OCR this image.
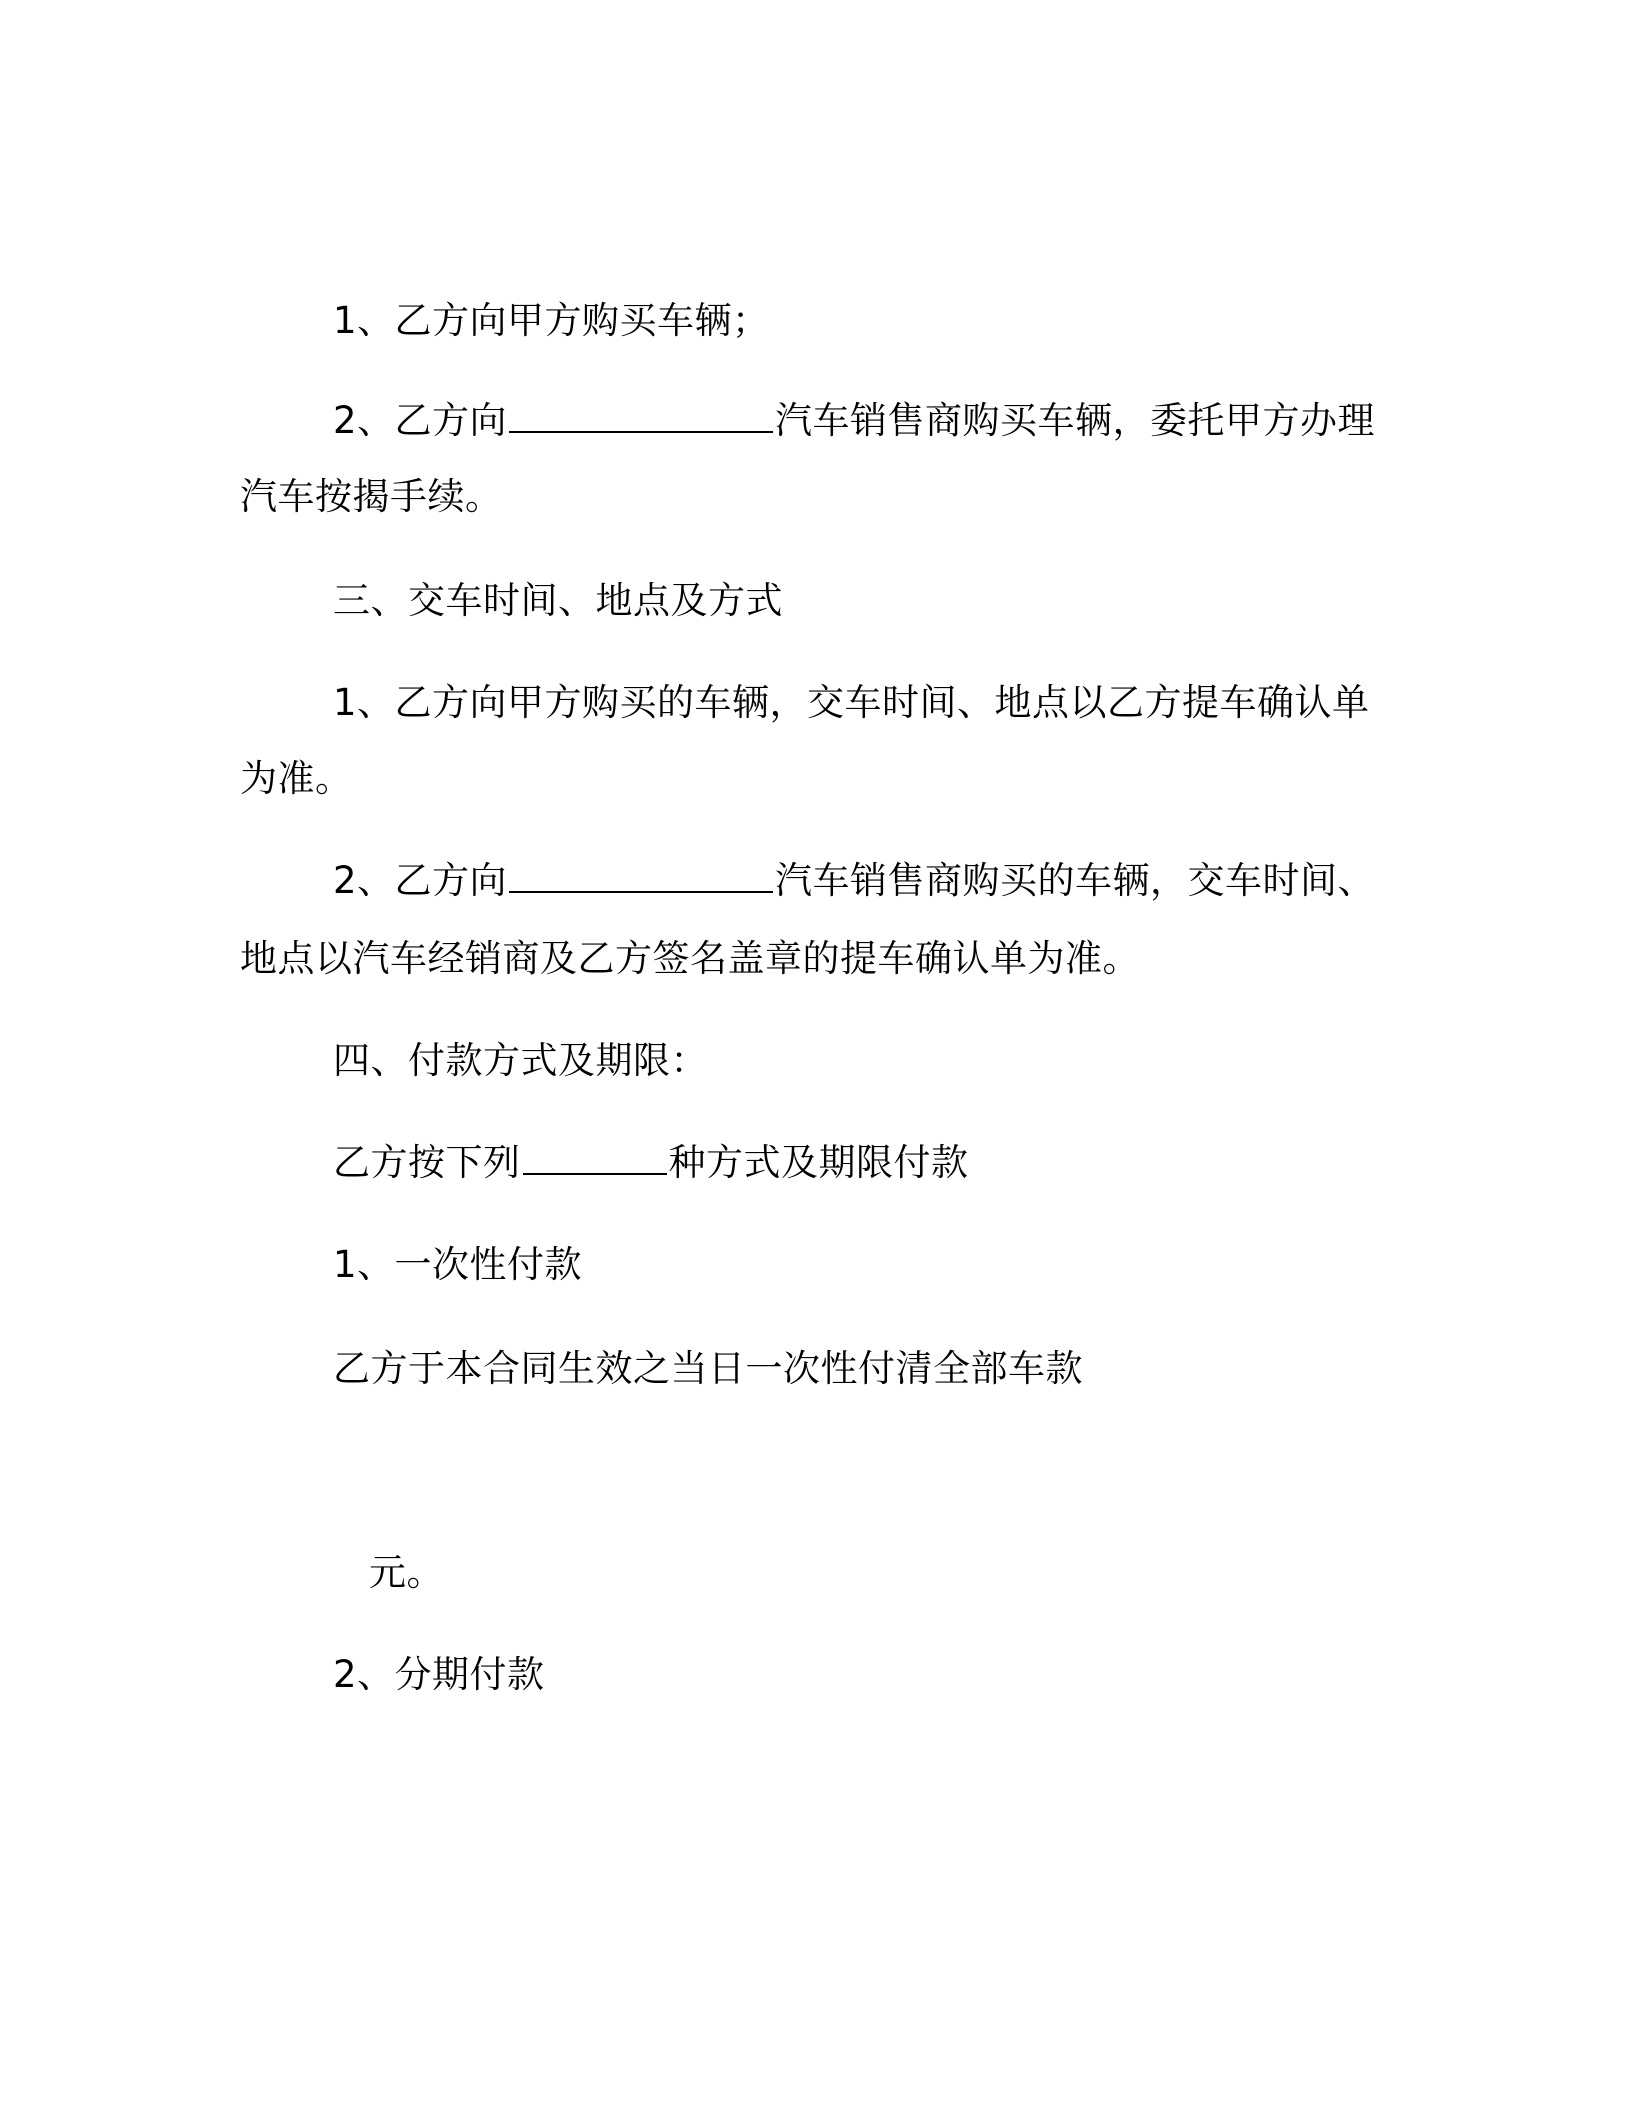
1、乙方向甲方购买车辆；
2、乙方向	汽车销售商购买车辆，委托甲方办理
汽车按揭手续。
三、交车时间、地点及方式
1、乙方向甲方购买的车辆，交车时间、地点以乙方提车确认单
为准。
2、乙方向	汽车销售商购买的车辆，交车时间、
地点以汽车经销商及乙方签名盖章的提车确认单为准。
四、付款方式及期限：
乙方按下列	种方式及期限付款
1、一次性付款
乙方于本合同生效之当日一次性付清全部车款
元。
2、分期付款
